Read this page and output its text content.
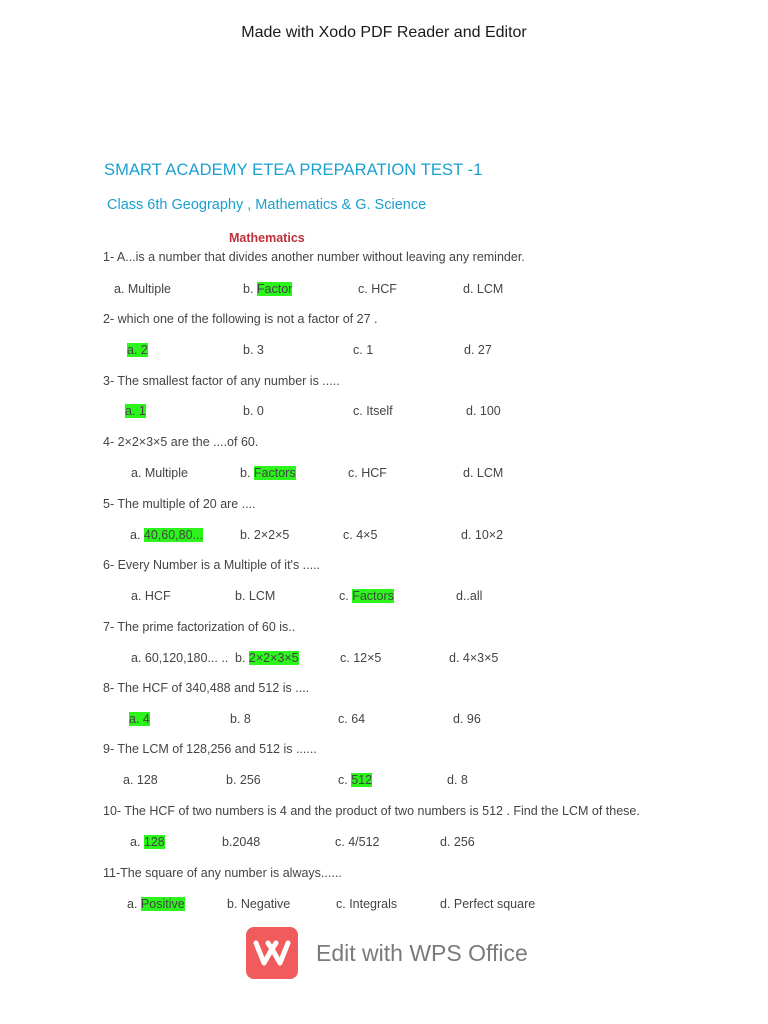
Made with Xodo PDF Reader and Editor
SMART ACADEMY ETEA PREPARATION TEST -1
Class 6th Geography , Mathematics & G. Science
Mathematics
1- A...is a number that divides another number without leaving any reminder.
a. Multiple	b. Factor	c. HCF	d. LCM
2- which one of the following is not a factor of 27 .
a. 2	b. 3	c. 1	d. 27
3- The smallest factor of any number is .....
a. 1	b. 0	c. Itself	d. 100
4- 2×2×3×5 are the ....of 60.
a. Multiple	b. Factors	c. HCF	d. LCM
5- The multiple of 20 are ....
a. 40,60,80...	b. 2×2×5	c. 4×5	d. 10×2
6- Every Number is a Multiple of it's .....
a. HCF	b. LCM	c. Factors	d..all
7- The prime factorization of 60 is..
a. 60,120,180... .. b. 2×2×3×5	c. 12×5	d. 4×3×5
8- The HCF of 340,488 and 512 is ....
a. 4	b. 8	c. 64	d. 96
9- The LCM of 128,256 and 512 is ......
a. 128	b. 256	c. 512	d. 8
10- The HCF of two numbers is 4 and the product of two numbers is 512 . Find the LCM of these.
a. 128	b.2048	c. 4/512	d. 256
11-The square of any number is always......
a. Positive	b. Negative	c. Integrals	d. Perfect square
Edit with WPS Office
